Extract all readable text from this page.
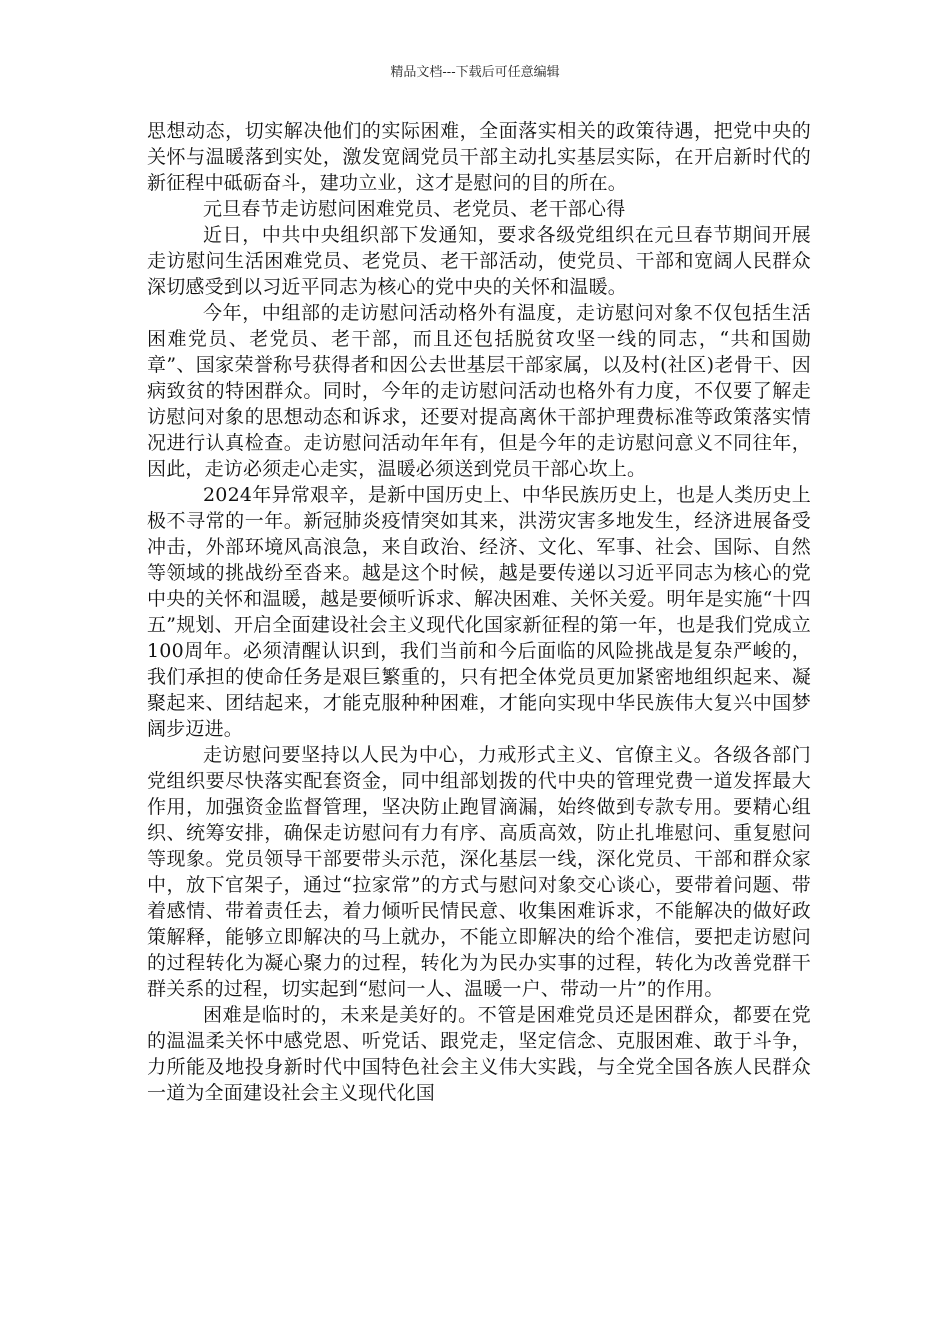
精品文档---下载后可任意编辑

思想动态，切实解决他们的实际困难，全面落实相关的政策待遇，把党中央的关怀与温暖落到实处，激发宽阔党员干部主动扎实基层实际，在开启新时代的新征程中砥砺奋斗，建功立业，这才是慰问的目的所在。

元旦春节走访慰问困难党员、老党员、老干部心得

近日，中共中央组织部下发通知，要求各级党组织在元旦春节期间开展走访慰问生活困难党员、老党员、老干部活动，使党员、干部和宽阔人民群众深切感受到以习近平同志为核心的党中央的关怀和温暖。

今年，中组部的走访慰问活动格外有温度，走访慰问对象不仅包括生活困难党员、老党员、老干部，而且还包括脱贫攻坚一线的同志，“共和国勋章”、国家荣誉称号获得者和因公去世基层干部家属，以及村(社区)老骨干、因病致贫的特困群众。同时，今年的走访慰问活动也格外有力度，不仅要了解走访慰问对象的思想动态和诉求，还要对提高离休干部护理费标准等政策落实情况进行认真检查。走访慰问活动年年有，但是今年的走访慰问意义不同往年，因此，走访必须走心走实，温暖必须送到党员干部心坎上。

2024年异常艰辛，是新中国历史上、中华民族历史上，也是人类历史上极不寻常的一年。新冠肺炎疫情突如其来，洪涝灾害多地发生，经济进展备受冲击，外部环境风高浪急，来自政治、经济、文化、军事、社会、国际、自然等领域的挑战纷至沓来。越是这个时候，越是要传递以习近平同志为核心的党中央的关怀和温暖，越是要倾听诉求、解决困难、关怀关爱。明年是实施“十四五”规划、开启全面建设社会主义现代化国家新征程的第一年，也是我们党成立100周年。必须清醒认识到，我们当前和今后面临的风险挑战是复杂严峻的，我们承担的使命任务是艰巨繁重的，只有把全体党员更加紧密地组织起来、凝聚起来、团结起来，才能克服种种困难，才能向实现中华民族伟大复兴中国梦阔步迈进。

走访慰问要坚持以人民为中心，力戒形式主义、官僚主义。各级各部门党组织要尽快落实配套资金，同中组部划拨的代中央的管理党费一道发挥最大作用，加强资金监督管理，坚决防止跑冒滴漏，始终做到专款专用。要精心组织、统筹安排，确保走访慰问有力有序、高质高效，防止扎堆慰问、重复慰问等现象。党员领导干部要带头示范，深化基层一线，深化党员、干部和群众家中，放下官架子，通过“拉家常”的方式与慰问对象交心谈心，要带着问题、带着感情、带着责任去，着力倾听民情民意、收集困难诉求，不能解决的做好政策解释，能够立即解决的马上就办，不能立即解决的给个准信，要把走访慰问的过程转化为凝心聚力的过程，转化为为民办实事的过程，转化为改善党群干群关系的过程，切实起到“慰问一人、温暖一户、带动一片”的作用。

困难是临时的，未来是美好的。不管是困难党员还是困群众，都要在党的温温柔关怀中感党恩、听党话、跟党走，坚定信念、克服困难、敢于斗争，力所能及地投身新时代中国特色社会主义伟大实践，与全党全国各族人民群众一道为全面建设社会主义现代化国
